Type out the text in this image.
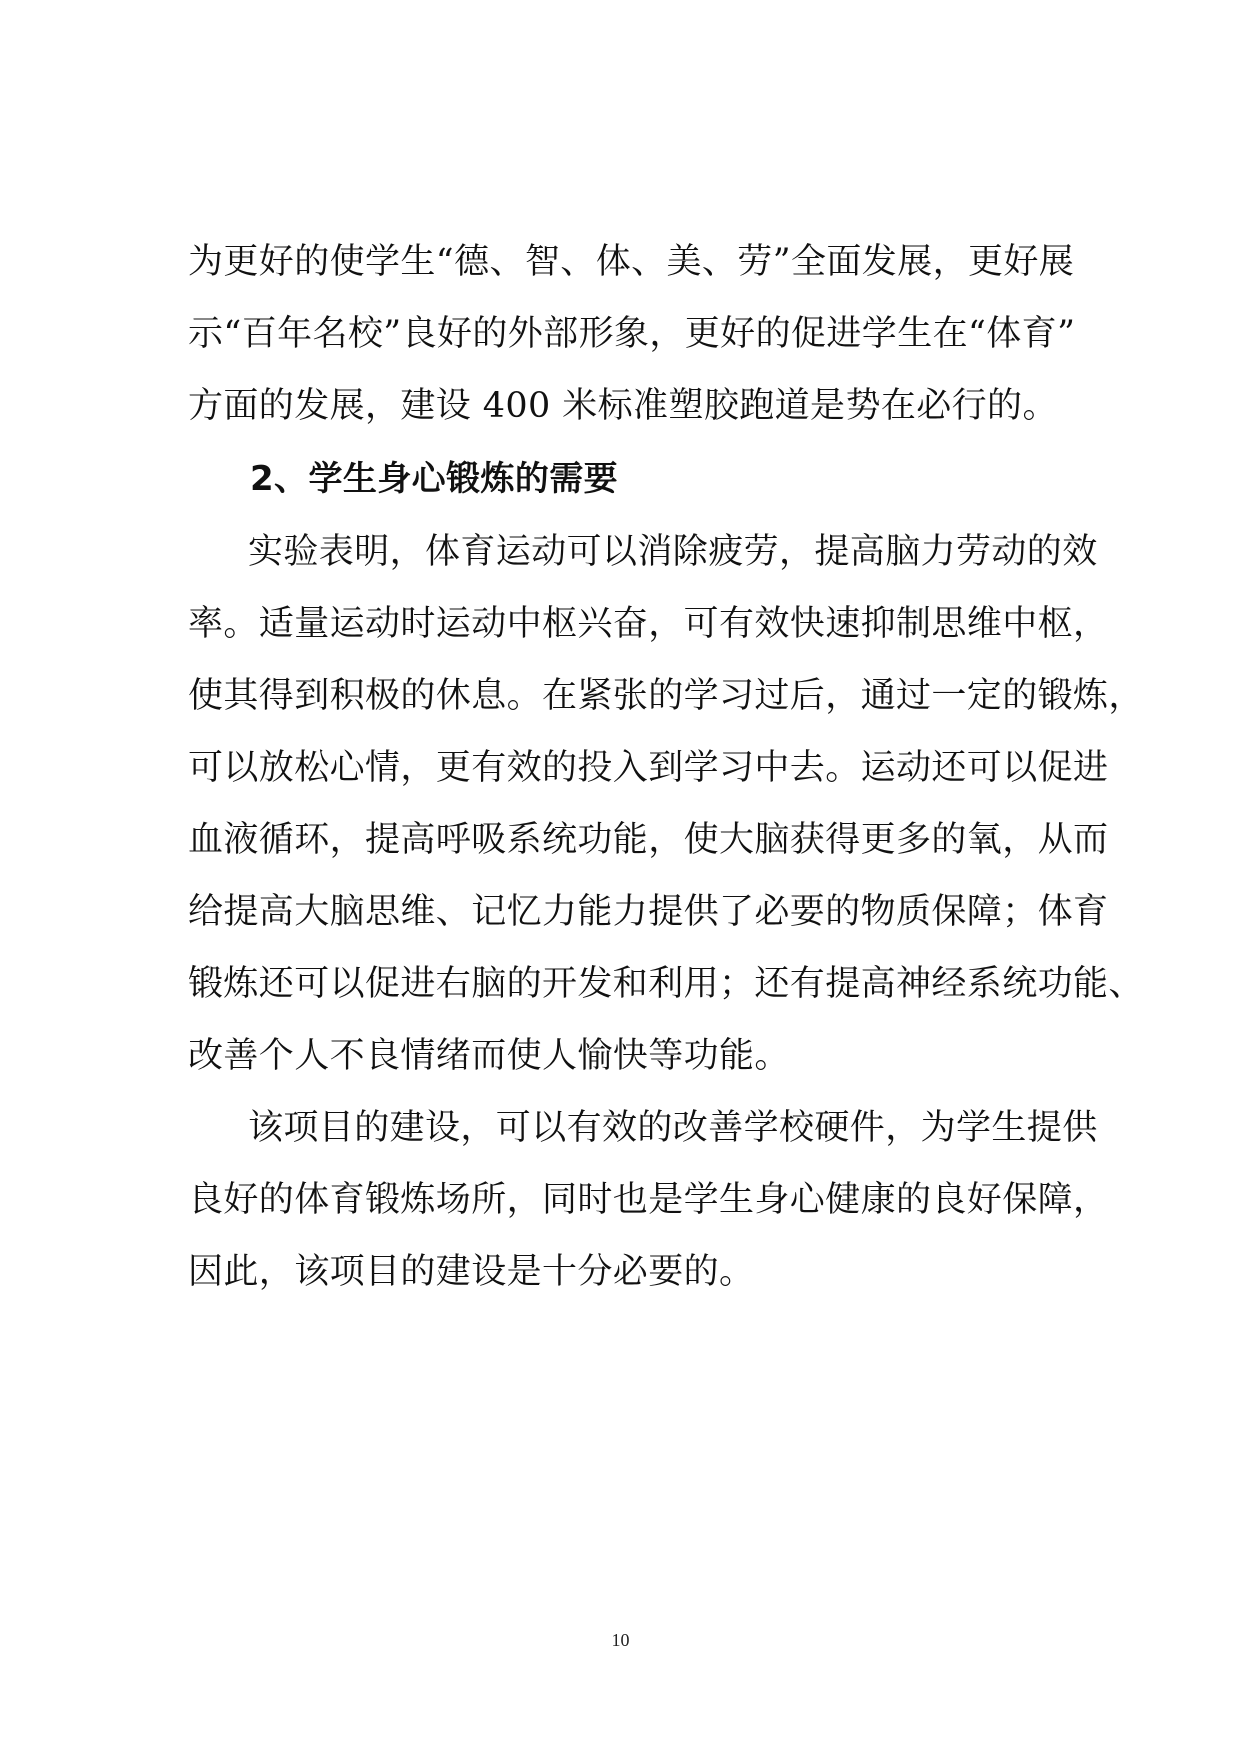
为更好的使学生“德、智、体、美、劳”全面发展，更好展
示“百年名校”良好的外部形象，更好的促进学生在“体育”
方面的发展，建设 400 米标准塑胶跑道是势在必行的。
2、学生身心锻炼的需要
实验表明，体育运动可以消除疲劳，提高脑力劳动的效
率。适量运动时运动中枢兴奋，可有效快速抑制思维中枢，
使其得到积极的休息。在紧张的学习过后，通过一定的锻炼，
可以放松心情，更有效的投入到学习中去。运动还可以促进
血液循环，提高呼吸系统功能，使大脑获得更多的氧，从而
给提高大脑思维、记忆力能力提供了必要的物质保障；体育
锻炼还可以促进右脑的开发和利用；还有提高神经系统功能、
改善个人不良情绪而使人愉快等功能。
该项目的建设，可以有效的改善学校硬件，为学生提供
良好的体育锻炼场所，同时也是学生身心健康的良好保障，
因此，该项目的建设是十分必要的。
10
